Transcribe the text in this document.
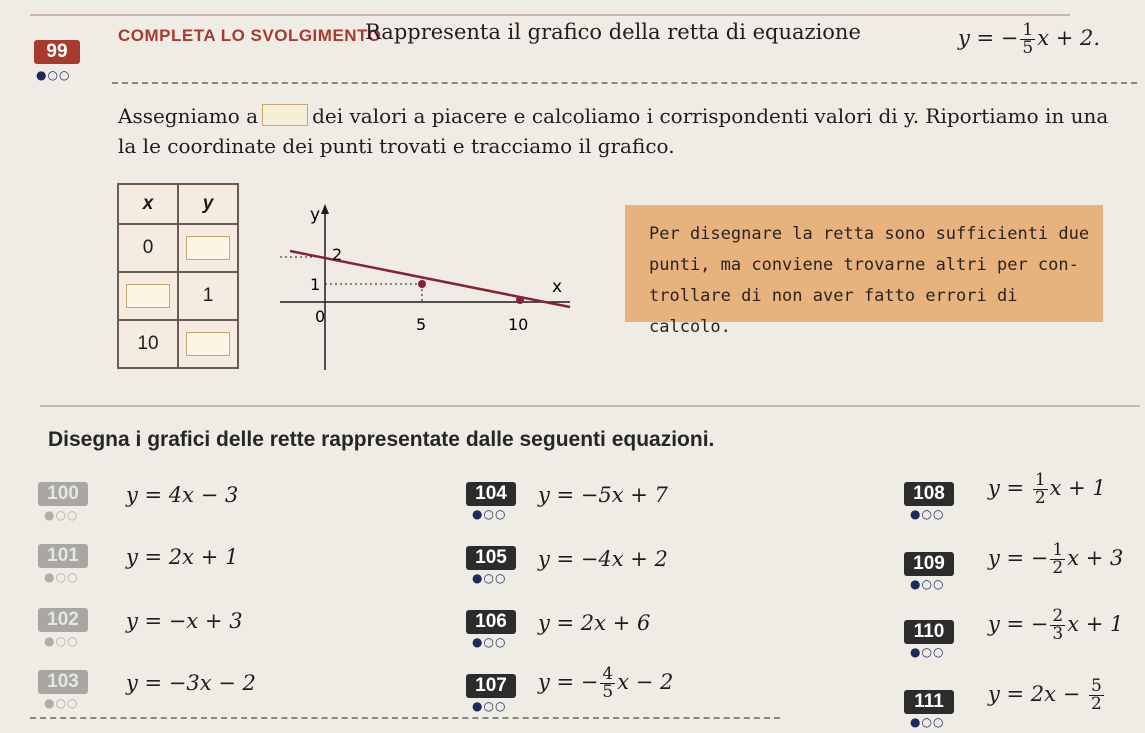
99
●○○
COMPLETA LO SVOLGIMENTO
Rappresenta il grafico della retta di equazione	y = − $\frac{1}{5}$ x + 2.
Assegniamo a	dei valori a piacere e calcoliamo i corrispondenti valori di y. Riportiamo in una
la le coordinate dei punti trovati e tracciamo il grafico.
x	y
0	
	1
10	
y
2
1
0	5	10
x
Per disegnare la retta sono sufficienti due
punti, ma conviene trovarne altri per con-
trollare di non aver fatto errori di calcolo.
Disegna i grafici delle rette rappresentate dalle seguenti equazioni.
100
●○○
y = 4x − 3
101
●○○
y = 2x + 1
102
●○○
y = −x + 3
103
●○○
y = −3x − 2
104
●○○
y = −5x + 7
105
●○○
y = −4x + 2
106
●○○
y = 2x + 6
107
●○○
y = − $\frac{4}{5}$ x − 2
108
●○○
$y = \frac{1}{2}$ x + 1
109
●○○
y = − $\frac{1}{2}$ x + 3
110
●○○
y = − $\frac{2}{3}$ x + 1
111
●○○
$y = 2x - \frac{5}{2}$
